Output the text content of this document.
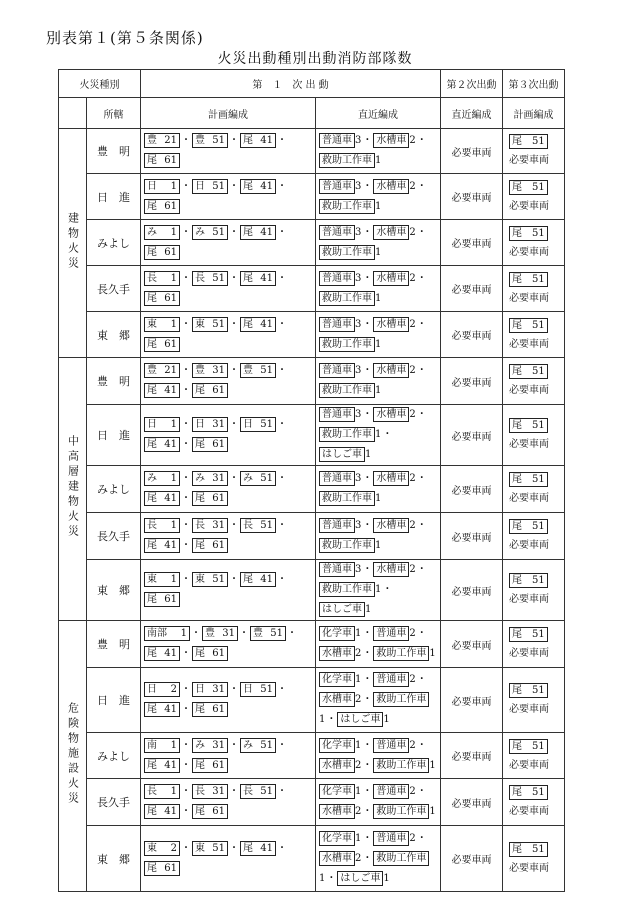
別表第１(第５条関係)
火災出動種別出動消防部隊数
火災種別		第　１　次 出 動		第２次出動	第３次出動
	所轄	計画編成	直近編成	直近編成	計画編成
建物火災	豊　明	豊 21 ・ 豊 51 ・ 尾 41 ・尾 61	普通車 3・ 水槽車 2・救助工作車 1	必要車両	尾　51
必要車両
	日　進	日 1 ・ 日 51 ・ 尾 41 ・尾 61	普通車 3・ 水槽車 2・救助工作車 1	必要車両	尾　51
必要車両
	みよし	み 1 ・ み 51 ・ 尾 41 ・尾 61	普通車 3・ 水槽車 2・救助工作車 1	必要車両	尾　51
必要車両
	長久手	長 1 ・ 長 51 ・ 尾 41 ・尾 61	普通車 3・ 水槽車 2・救助工作車 1	必要車両	尾　51
必要車両
	東　郷	東 1 ・ 東 51 ・ 尾 41 ・尾 61	普通車 3・ 水槽車 2・救助工作車 1	必要車両	尾　51
必要車両
中高層建物火災	豊　明	豊 21 ・ 豊 31 ・ 豊 51 ・尾 41 ・ 尾 61	普通車 3・ 水槽車 2・救助工作車 1	必要車両	尾　51
必要車両
	日　進	日 1 ・ 日 31 ・ 日 51 ・尾 41 ・ 尾 61	普通車 3・ 水槽車 2・救助工作車 1・はしご車 1	必要車両	尾　51
必要車両
	みよし	み 1 ・ み 31 ・ み 51 ・尾 41 ・ 尾 61	普通車 3・ 水槽車 2・救助工作車 1	必要車両	尾　51
必要車両
	長久手	長 1 ・ 長 31 ・ 長 51 ・尾 41 ・ 尾 61	普通車 3・ 水槽車 2・救助工作車 1	必要車両	尾　51
必要車両
	東　郷	東 1 ・ 東 51 ・ 尾 41 ・尾 61	普通車 3・ 水槽車 2・救助工作車 1・はしご車 1	必要車両	尾　51
必要車両
危険物施設火災	豊　明	南部 1 ・ 豊 31 ・ 豊 51 ・尾 41 ・ 尾 61	化学車 1・ 普通車 2・水槽車 2・ 救助工作車 1	必要車両	尾　51
必要車両
	日　進	日 2 ・ 日 31 ・ 日 51 ・尾 41 ・ 尾 61	化学車 1・ 普通車 2・水槽車 2・ 救助工作車1・ はしご車 1	必要車両	尾　51
必要車両
	みよし	南 1 ・ み 31 ・ み 51 ・尾 41 ・ 尾 61	化学車 1・ 普通車 2・水槽車 2・ 救助工作車 1	必要車両	尾　51
必要車両
	長久手	長 1 ・ 長 31 ・ 長 51 ・尾 41 ・ 尾 61	化学車 1・ 普通車 2・水槽車 2・ 救助工作車 1	必要車両	尾　51
必要車両
	東　郷	東 2 ・ 東 51 ・ 尾 41 ・尾 61	化学車 1・ 普通車 2・水槽車 2・ 救助工作車1・ はしご車 1	必要車両	尾　51
必要車両
